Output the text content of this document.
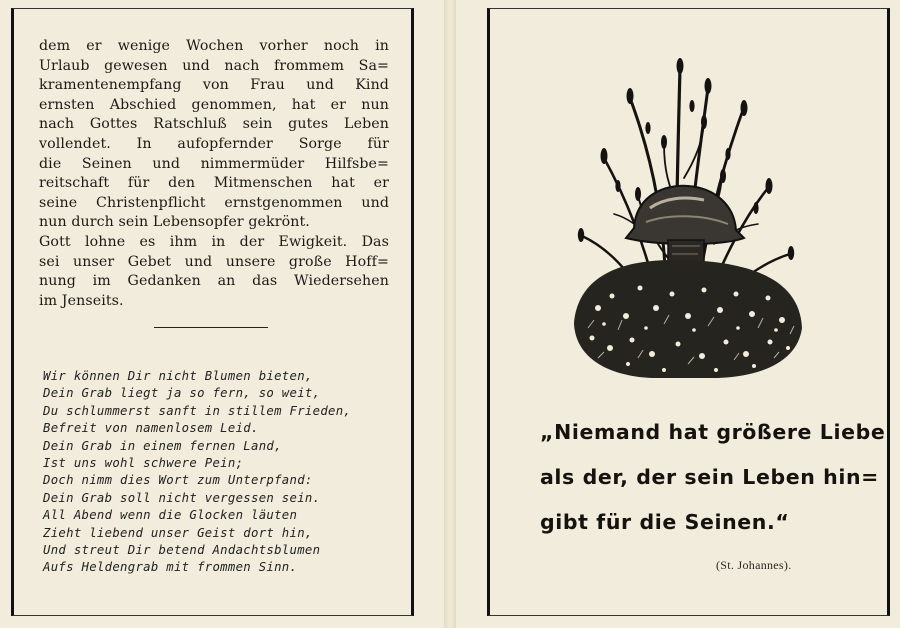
dem er wenige Wochen vorher noch in
Urlaub gewesen und nach frommem Sa=
kramentenempfang von Frau und Kind
ernsten Abschied genommen, hat er nun
nach Gottes Ratschluß sein gutes Leben
vollendet. In aufopfernder Sorge für
die Seinen und nimmermüder Hilfsbe=
reitschaft für den Mitmenschen hat er
seine Christenpflicht ernstgenommen und
nun durch sein Lebensopfer gekrönt.
Gott lohne es ihm in der Ewigkeit. Das
sei unser Gebet und unsere große Hoff=
nung im Gedanken an das Wiedersehen
im Jenseits.
Wir können Dir nicht Blumen bieten,
Dein Grab liegt ja so fern, so weit,
Du schlummerst sanft in stillem Frieden,
Befreit von namenlosem Leid.
Dein Grab in einem fernen Land,
Ist uns wohl schwere Pein;
Doch nimm dies Wort zum Unterpfand:
Dein Grab soll nicht vergessen sein.
All Abend wenn die Glocken läuten
Zieht liebend unser Geist dort hin,
Und streut Dir betend Andachtsblumen
Aufs Heldengrab mit frommen Sinn.
„Niemand hat größere Liebe
als der, der sein Leben hin=
gibt für die Seinen.“
(St. Johannes).
